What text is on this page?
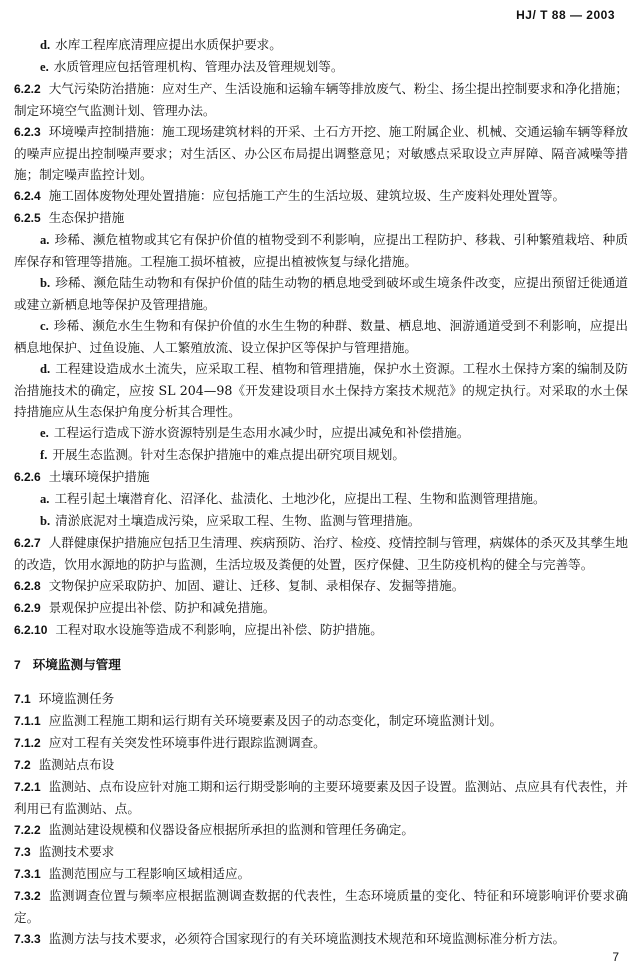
HJ/ T 88 — 2003

d. 水库工程库底清理应提出水质保护要求。

e. 水质管理应包括管理机构、管理办法及管理规划等。

6.2.2 大气污染防治措施：应对生产、生活设施和运输车辆等排放废气、粉尘、扬尘提出控制要求和净化措施；制定环境空气监测计划、管理办法。

6.2.3 环境噪声控制措施：施工现场建筑材料的开采、土石方开挖、施工附属企业、机械、交通运输车辆等释放的噪声应提出控制噪声要求；对生活区、办公区布局提出调整意见；对敏感点采取设立声屏障、隔音减噪等措施；制定噪声监控计划。

6.2.4 施工固体废物处理处置措施：应包括施工产生的生活垃圾、建筑垃圾、生产废料处理处置等。

6.2.5 生态保护措施

a. 珍稀、濒危植物或其它有保护价值的植物受到不利影响，应提出工程防护、移栽、引种繁殖栽培、种质库保存和管理等措施。工程施工损坏植被，应提出植被恢复与绿化措施。

b. 珍稀、濒危陆生动物和有保护价值的陆生动物的栖息地受到破坏或生境条件改变，应提出预留迁徙通道或建立新栖息地等保护及管理措施。

c. 珍稀、濒危水生生物和有保护价值的水生生物的种群、数量、栖息地、洄游通道受到不利影响，应提出栖息地保护、过鱼设施、人工繁殖放流、设立保护区等保护与管理措施。

d. 工程建设造成水土流失，应采取工程、植物和管理措施，保护水土资源。工程水土保持方案的编制及防治措施技术的确定，应按 SL 204—98《开发建设项目水土保持方案技术规范》的规定执行。对采取的水土保持措施应从生态保护角度分析其合理性。

e. 工程运行造成下游水资源特别是生态用水减少时，应提出减免和补偿措施。

f. 开展生态监测。针对生态保护措施中的难点提出研究项目规划。

6.2.6 土壤环境保护措施

a. 工程引起土壤潜育化、沼泽化、盐渍化、土地沙化，应提出工程、生物和监测管理措施。

b. 清淤底泥对土壤造成污染，应采取工程、生物、监测与管理措施。

6.2.7 人群健康保护措施应包括卫生清理、疾病预防、治疗、检疫、疫情控制与管理，病媒体的杀灭及其孳生地的改造，饮用水源地的防护与监测，生活垃圾及粪便的处置，医疗保健、卫生防疫机构的健全与完善等。

6.2.8 文物保护应采取防护、加固、避让、迁移、复制、录相保存、发掘等措施。

6.2.9 景观保护应提出补偿、防护和减免措施。

6.2.10 工程对取水设施等造成不利影响，应提出补偿、防护措施。

7 环境监测与管理

7.1 环境监测任务

7.1.1 应监测工程施工期和运行期有关环境要素及因子的动态变化，制定环境监测计划。

7.1.2 应对工程有关突发性环境事件进行跟踪监测调查。

7.2 监测站点布设

7.2.1 监测站、点布设应针对施工期和运行期受影响的主要环境要素及因子设置。监测站、点应具有代表性，并利用已有监测站、点。

7.2.2 监测站建设规模和仪器设备应根据所承担的监测和管理任务确定。

7.3 监测技术要求

7.3.1 监测范围应与工程影响区域相适应。

7.3.2 监测调查位置与频率应根据监测调查数据的代表性，生态环境质量的变化、特征和环境影响评价要求确定。

7.3.3 监测方法与技术要求，必须符合国家现行的有关环境监测技术规范和环境监测标准分析方法。

7
